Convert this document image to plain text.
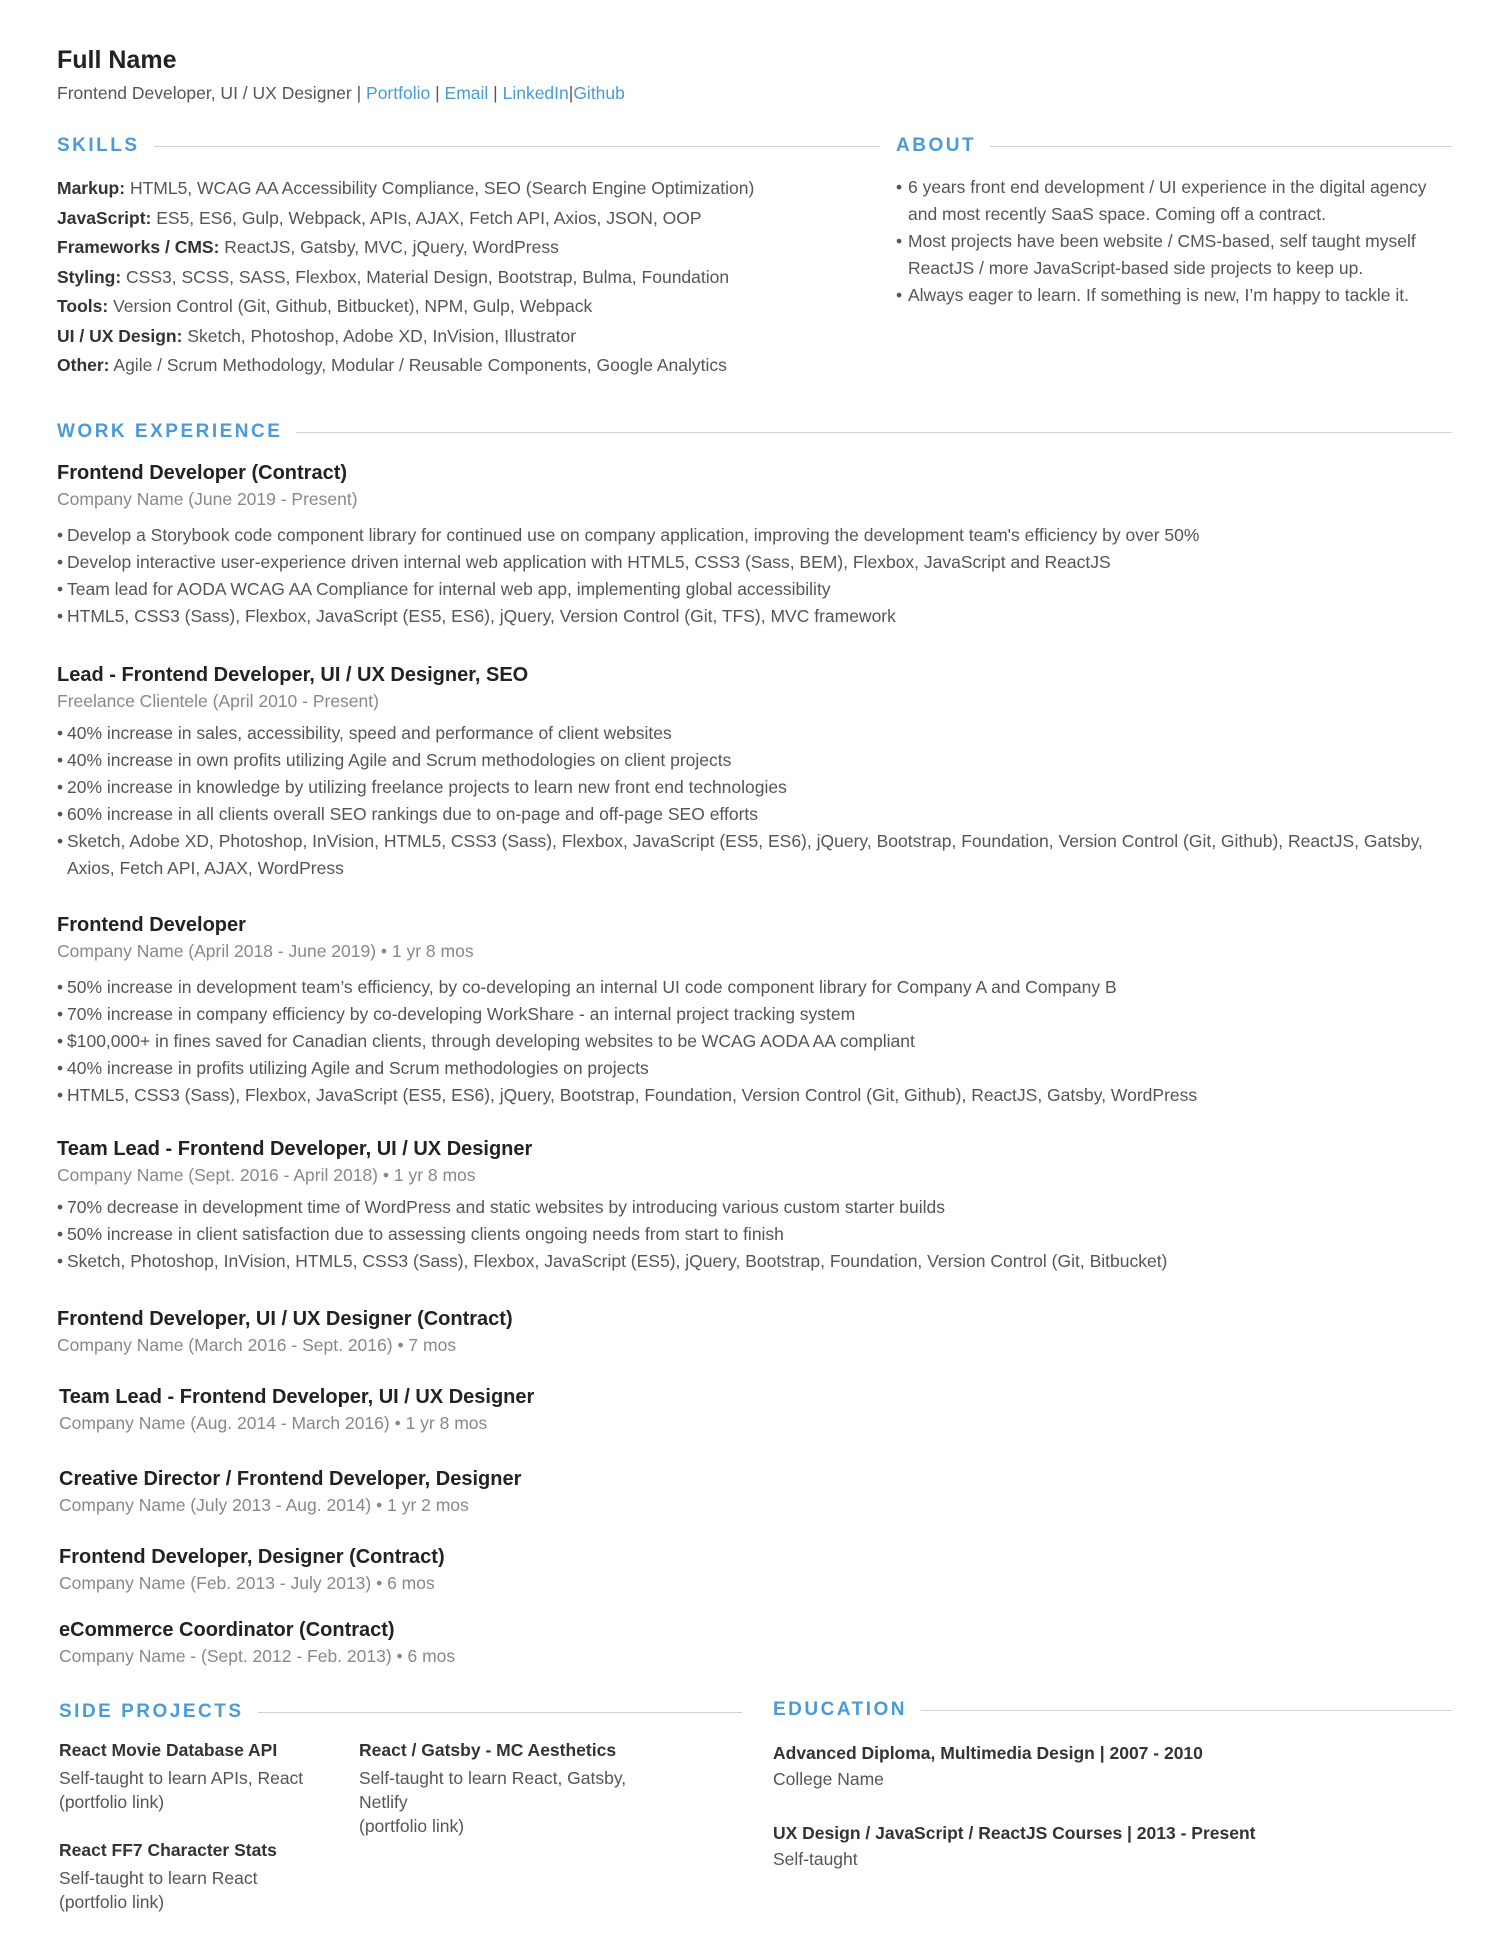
Full Name
Frontend Developer, UI / UX Designer | Portfolio | Email | LinkedIn|Github
SKILLS
Markup: HTML5, WCAG AA Accessibility Compliance, SEO (Search Engine Optimization)
JavaScript: ES5, ES6, Gulp, Webpack, APIs, AJAX, Fetch API, Axios, JSON, OOP
Frameworks / CMS: ReactJS, Gatsby, MVC, jQuery, WordPress
Styling: CSS3, SCSS, SASS, Flexbox, Material Design, Bootstrap, Bulma, Foundation
Tools: Version Control (Git, Github, Bitbucket), NPM, Gulp, Webpack
UI / UX Design: Sketch, Photoshop, Adobe XD, InVision, Illustrator
Other: Agile / Scrum Methodology, Modular / Reusable Components, Google Analytics
ABOUT
• 6 years front end development / UI experience in the digital agency and most recently SaaS space. Coming off a contract.
• Most projects have been website / CMS-based, self taught myself ReactJS / more JavaScript-based side projects to keep up.
• Always eager to learn. If something is new, I’m happy to tackle it.
WORK EXPERIENCE
Frontend Developer (Contract)
Company Name (June 2019 - Present)
• Develop a Storybook code component library for continued use on company application, improving the development team's efficiency by over 50%
• Develop interactive user-experience driven internal web application with HTML5, CSS3 (Sass, BEM), Flexbox, JavaScript and ReactJS
• Team lead for AODA WCAG AA Compliance for internal web app, implementing global accessibility
• HTML5, CSS3 (Sass), Flexbox, JavaScript (ES5, ES6), jQuery, Version Control (Git, TFS), MVC framework
Lead - Frontend Developer, UI / UX Designer, SEO
Freelance Clientele (April 2010 - Present)
• 40% increase in sales, accessibility, speed and performance of client websites
• 40% increase in own profits utilizing Agile and Scrum methodologies on client projects
• 20% increase in knowledge by utilizing freelance projects to learn new front end technologies
• 60% increase in all clients overall SEO rankings due to on-page and off-page SEO efforts
• Sketch, Adobe XD, Photoshop, InVision, HTML5, CSS3 (Sass), Flexbox, JavaScript (ES5, ES6), jQuery, Bootstrap, Foundation, Version Control (Git, Github), ReactJS, Gatsby, Axios, Fetch API, AJAX, WordPress
Frontend Developer
Company Name (April 2018 - June 2019) • 1 yr 8 mos
• 50% increase in development team’s efficiency, by co-developing an internal UI code component library for Company A and Company B
• 70% increase in company efficiency by co-developing WorkShare - an internal project tracking system
• $100,000+ in fines saved for Canadian clients, through developing websites to be WCAG AODA AA compliant
• 40% increase in profits utilizing Agile and Scrum methodologies on projects
• HTML5, CSS3 (Sass), Flexbox, JavaScript (ES5, ES6), jQuery, Bootstrap, Foundation, Version Control (Git, Github), ReactJS, Gatsby, WordPress
Team Lead - Frontend Developer, UI / UX Designer
Company Name (Sept. 2016 - April 2018) • 1 yr 8 mos
• 70% decrease in development time of WordPress and static websites by introducing various custom starter builds
• 50% increase in client satisfaction due to assessing clients ongoing needs from start to finish
• Sketch, Photoshop, InVision, HTML5, CSS3 (Sass), Flexbox, JavaScript (ES5), jQuery, Bootstrap, Foundation, Version Control (Git, Bitbucket)
Frontend Developer, UI / UX Designer (Contract)
Company Name (March 2016 - Sept. 2016) • 7 mos
Team Lead - Frontend Developer, UI / UX Designer
Company Name (Aug. 2014 - March 2016) • 1 yr 8 mos
Creative Director / Frontend Developer, Designer
Company Name (July 2013 - Aug. 2014) • 1 yr 2 mos
Frontend Developer, Designer (Contract)
Company Name (Feb. 2013 - July 2013) • 6 mos
eCommerce Coordinator (Contract)
Company Name - (Sept. 2012 - Feb. 2013) • 6 mos
SIDE PROJECTS
React Movie Database API
Self-taught to learn APIs, React
(portfolio link)
React / Gatsby - MC Aesthetics
Self-taught to learn React, Gatsby, Netlify
(portfolio link)
React FF7 Character Stats
Self-taught to learn React
(portfolio link)
EDUCATION
Advanced Diploma, Multimedia Design | 2007 - 2010
College Name
UX Design / JavaScript / ReactJS Courses | 2013 - Present
Self-taught
